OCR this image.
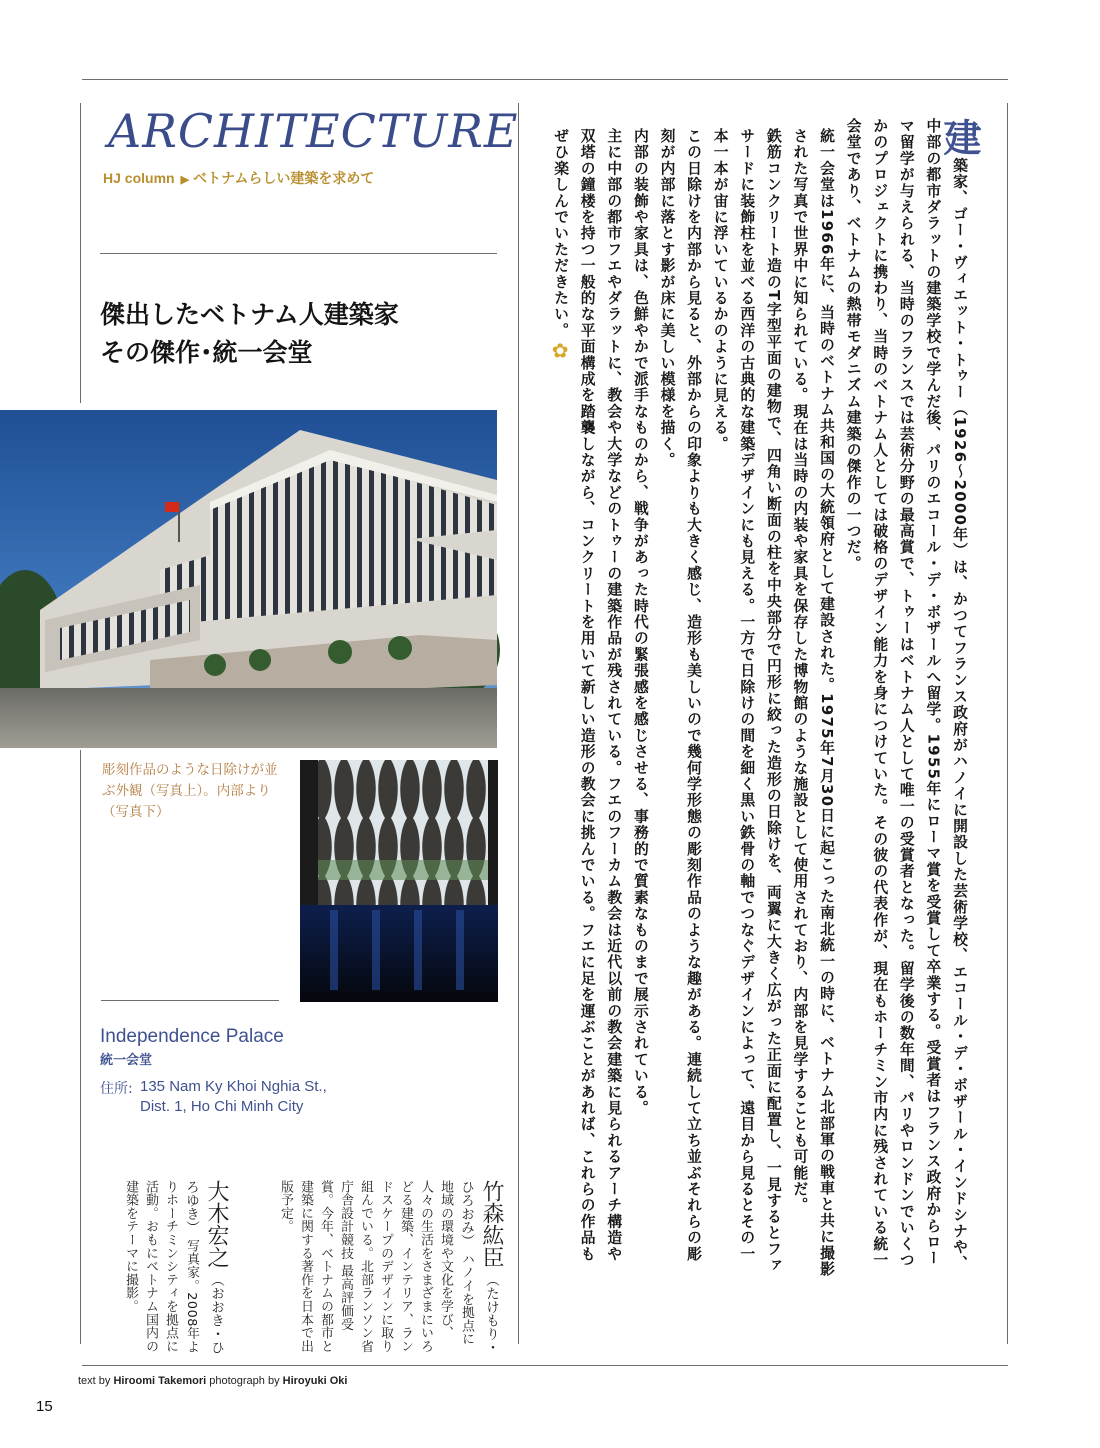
ARCHITECTURE
HJ column ▶ ベトナムらしい建築を求めて
傑出したベトナム人建築家
その傑作･統一会堂
彫刻作品のような日除けが並ぶ外観（写真上）。内部より（写真下）
Independence Palace
統一会堂
住所: 135 Nam Ky Khoi Nghia St.,
Dist. 1, Ho Chi Minh City

建築家、ゴー・ヴィエット・トゥー（1926〜2000年）は、かつてフランス政府がハノイに開設した芸術学校、エコール・デ・ボザール・インドシナや、中部の都市ダラットの建築学校で学んだ後、パリのエコール・デ・ボザールへ留学。1955年にローマ賞を受賞して卒業する。受賞者はフランス政府からローマ留学が与えられる、当時のフランスでは芸術分野の最高賞で、トゥーはベトナム人として唯一の受賞者となった。留学後の数年間、パリやロンドンでいくつかのプロジェクトに携わり、当時のベトナム人としては破格のデザイン能力を身につけていた。その彼の代表作が、現在もホーチミン市内に残されている統一会堂であり、ベトナムの熱帯モダニズム建築の傑作の一つだ。

統一会堂は1966年に、当時のベトナム共和国の大統領府として建設された。1975年7月30日に起こった南北統一の時に、ベトナム北部軍の戦車と共に撮影された写真で世界中に知られている。現在は当時の内装や家具を保存した博物館のような施設として使用されており、内部を見学することも可能だ。

鉄筋コンクリート造のT字型平面の建物で、四角い断面の柱を中央部分で円形に絞った造形の日除けを、両翼に大きく広がった正面に配置し、一見するとファサードに装飾柱を並べる西洋の古典的な建築デザインにも見える。一方で日除けの間を細く黒い鉄骨の軸でつなぐデザインによって、遠目から見るとその一本一本が宙に浮いているかのように見える。

この日除けを内部から見ると、外部からの印象よりも大きく感じ、造形も美しいので幾何学形態の彫刻作品のような趣がある。連続して立ち並ぶそれらの彫刻が内部に落とす影が床に美しい模様を描く。

内部の装飾や家具は、色鮮やかで派手なものから、戦争があった時代の緊張感を感じさせる、事務的で質素なものまで展示されている。

主に中部の都市フエやダラットに、教会や大学などのトゥーの建築作品が残されている。フエのフーカム教会は近代以前の教会建築に見られるアーチ構造や双塔の鐘楼を持つ一般的な平面構成を踏襲しながら、コンクリートを用いて新しい造形の教会に挑んでいる。フエに足を運ぶことがあれば、これらの作品もぜひ楽しんでいただきたい。✿

竹森紘臣 （たけもり・ひろおみ） ハノイを拠点に地域の環境や文化を学び、人々の生活をさまざまにいろどる建築、インテリア、ランドスケープのデザインに取り組んでいる。北部ランソン省庁舎設計競技 最高評価受賞。今年、ベトナムの都市と建築に関する著作を日本で出版予定。
大木宏之 （おおき・ひろゆき） 写真家。2008年よりホーチミンシティを拠点に活動。おもにベトナム国内の建築をテーマに撮影。
text by Hiroomi Takemori photograph by Hiroyuki Oki
15
